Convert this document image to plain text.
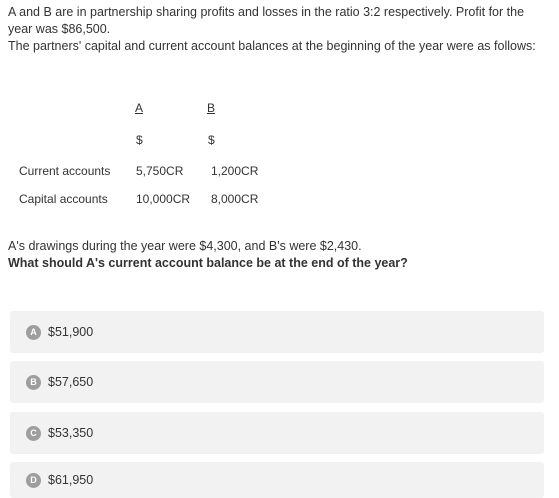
A and B are in partnership sharing profits and losses in the ratio 3:2 respectively. Profit for the year was $86,500.

The partners' capital and current account balances at the beginning of the year were as follows:

A	B
$	$
Current accounts 5,750CR 1,200CR
Capital accounts 10,000CR 8,000CR

A's drawings during the year were $4,300, and B's were $2,430.

What should A's current account balance be at the end of the year?

A $51,900
B $57,650
C $53,350
D $61,950
